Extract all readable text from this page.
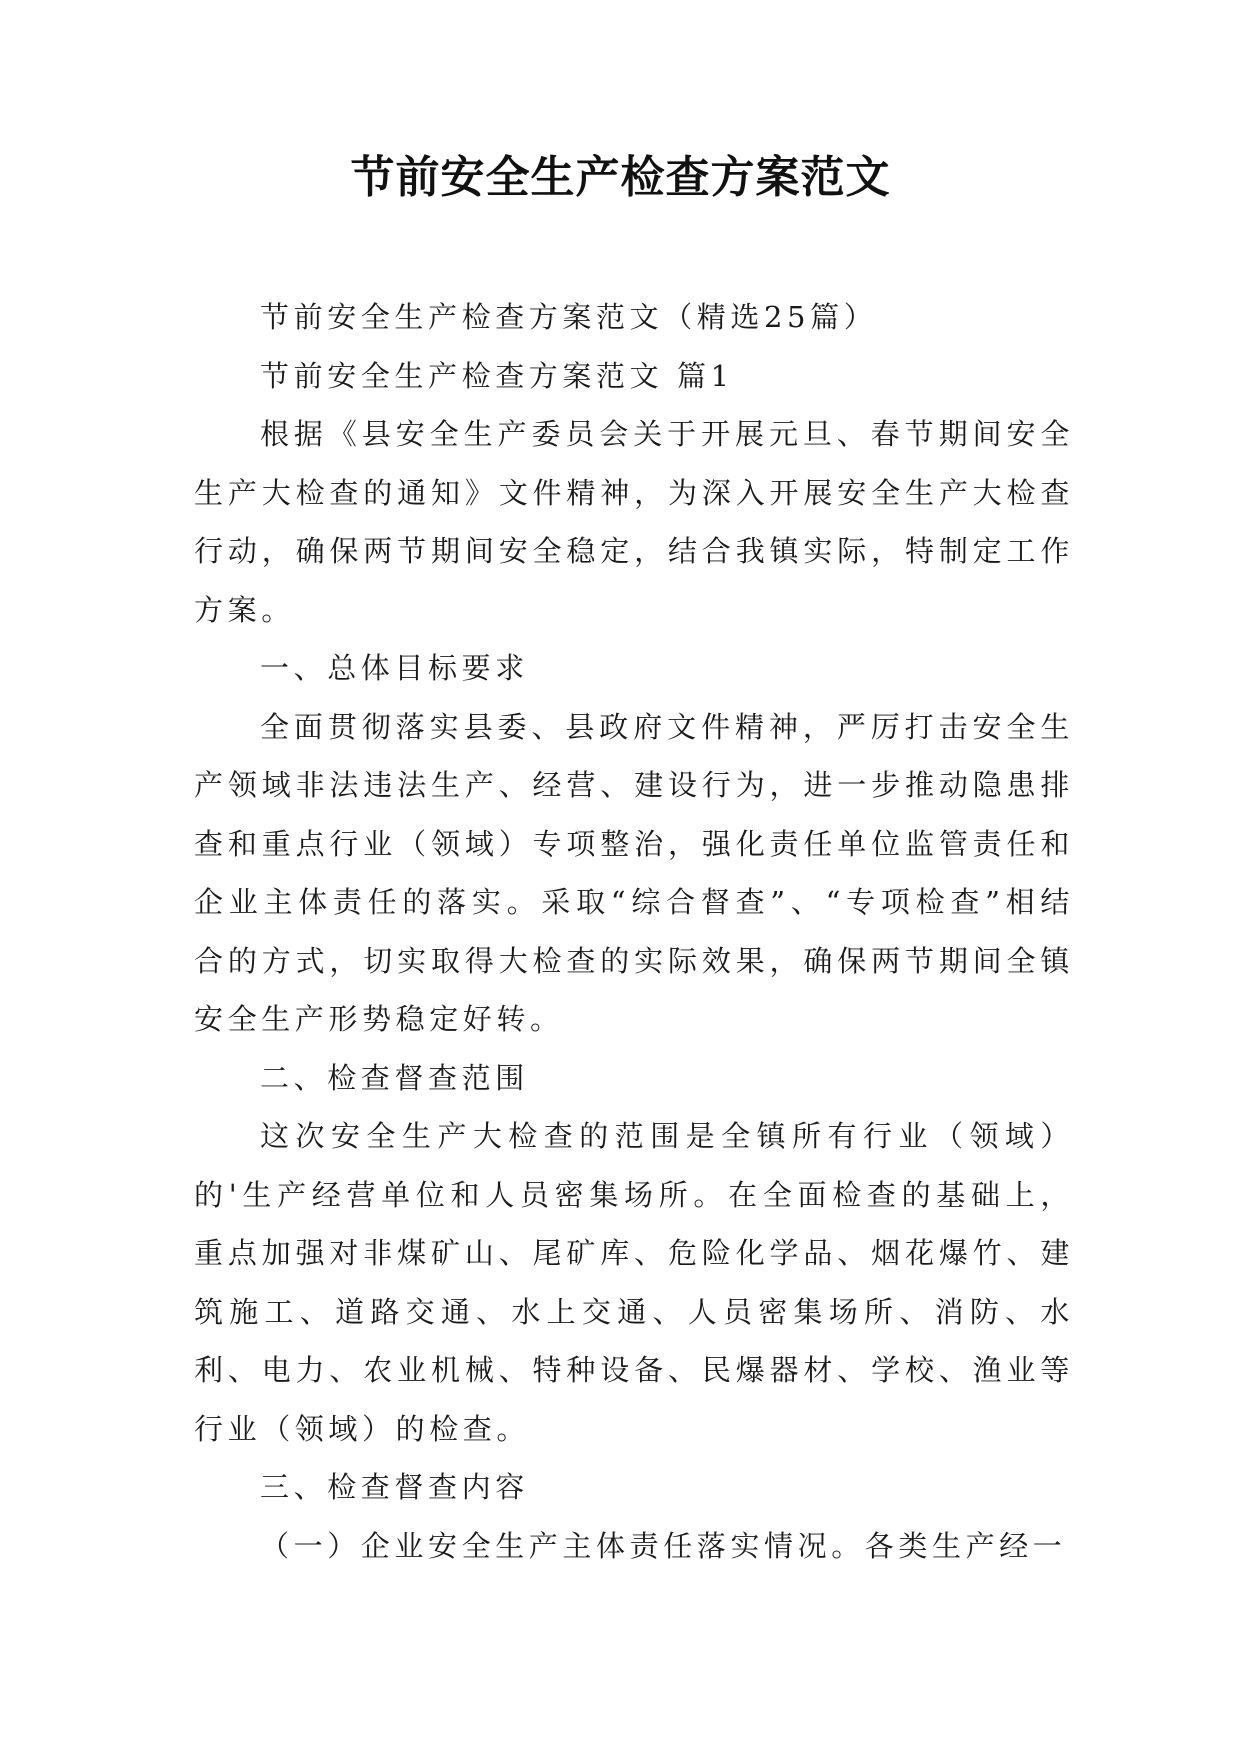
节前安全生产检查方案范文

节前安全生产检查方案范文（精选25篇）

节前安全生产检查方案范文 篇1

根据《县安全生产委员会关于开展元旦、春节期间安全生产大检查的通知》文件精神，为深入开展安全生产大检查行动，确保两节期间安全稳定，结合我镇实际，特制定工作方案。

一、总体目标要求

全面贯彻落实县委、县政府文件精神，严厉打击安全生产领域非法违法生产、经营、建设行为，进一步推动隐患排查和重点行业（领域）专项整治，强化责任单位监管责任和企业主体责任的落实。采取“综合督查”、“专项检查”相结合的方式，切实取得大检查的实际效果，确保两节期间全镇安全生产形势稳定好转。

二、检查督查范围

这次安全生产大检查的范围是全镇所有行业（领域）的'生产经营单位和人员密集场所。在全面检查的基础上，重点加强对非煤矿山、尾矿库、危险化学品、烟花爆竹、建筑施工、道路交通、水上交通、人员密集场所、消防、水利、电力、农业机械、特种设备、民爆器材、学校、渔业等行业（领域）的检查。

三、检查督查内容

（一）企业安全生产主体责任落实情况。各类生产经一
